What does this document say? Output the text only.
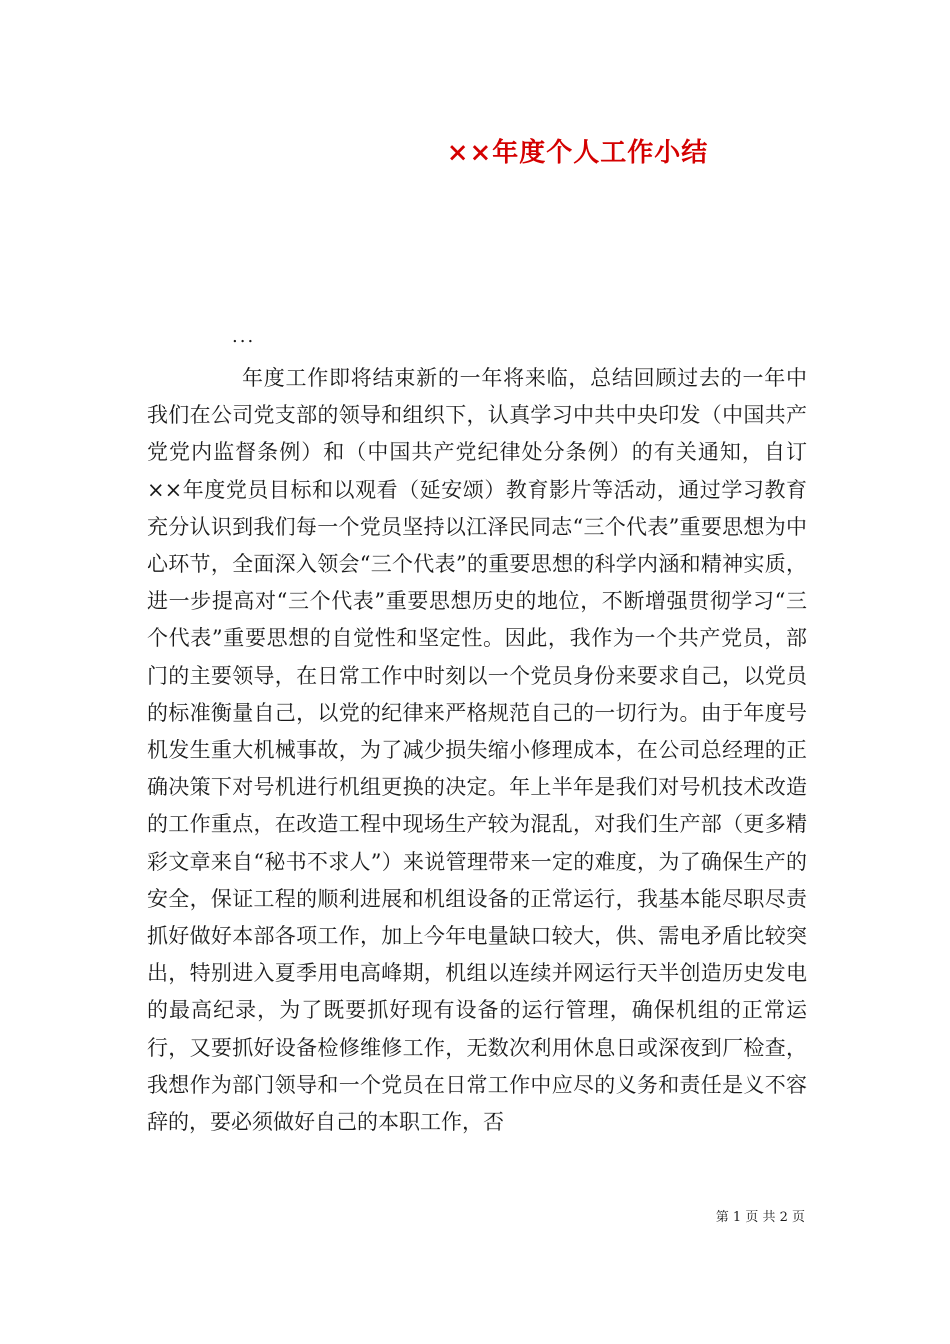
××年度个人工作小结
...

年度工作即将结束新的一年将来临，总结回顾过去的一年中我们在公司党支部的领导和组织下，认真学习中共中央印发（中国共产党党内监督条例）和（中国共产党纪律处分条例）的有关通知，自订××年度党员目标和以观看（延安颂）教育影片等活动，通过学习教育充分认识到我们每一个党员坚持以江泽民同志“三个代表”重要思想为中心环节，全面深入领会“三个代表”的重要思想的科学内涵和精神实质，进一步提高对“三个代表”重要思想历史的地位，不断增强贯彻学习“三个代表”重要思想的自觉性和坚定性。因此，我作为一个共产党员，部门的主要领导，在日常工作中时刻以一个党员身份来要求自己，以党员的标准衡量自己，以党的纪律来严格规范自己的一切行为。由于年度号机发生重大机械事故，为了减少损失缩小修理成本，在公司总经理的正确决策下对号机进行机组更换的决定。年上半年是我们对号机技术改造的工作重点，在改造工程中现场生产较为混乱，对我们生产部（更多精彩文章来自“秘书不求人”）来说管理带来一定的难度，为了确保生产的安全，保证工程的顺利进展和机组设备的正常运行，我基本能尽职尽责抓好做好本部各项工作，加上今年电量缺口较大，供、需电矛盾比较突出，特别进入夏季用电高峰期，机组以连续并网运行天半创造历史发电的最高纪录，为了既要抓好现有设备的运行管理，确保机组的正常运行，又要抓好设备检修维修工作，无数次利用休息日或深夜到厂检查，我想作为部门领导和一个党员在日常工作中应尽的义务和责任是义不容辞的，要必须做好自己的本职工作，否

第 1 页 共 2 页
